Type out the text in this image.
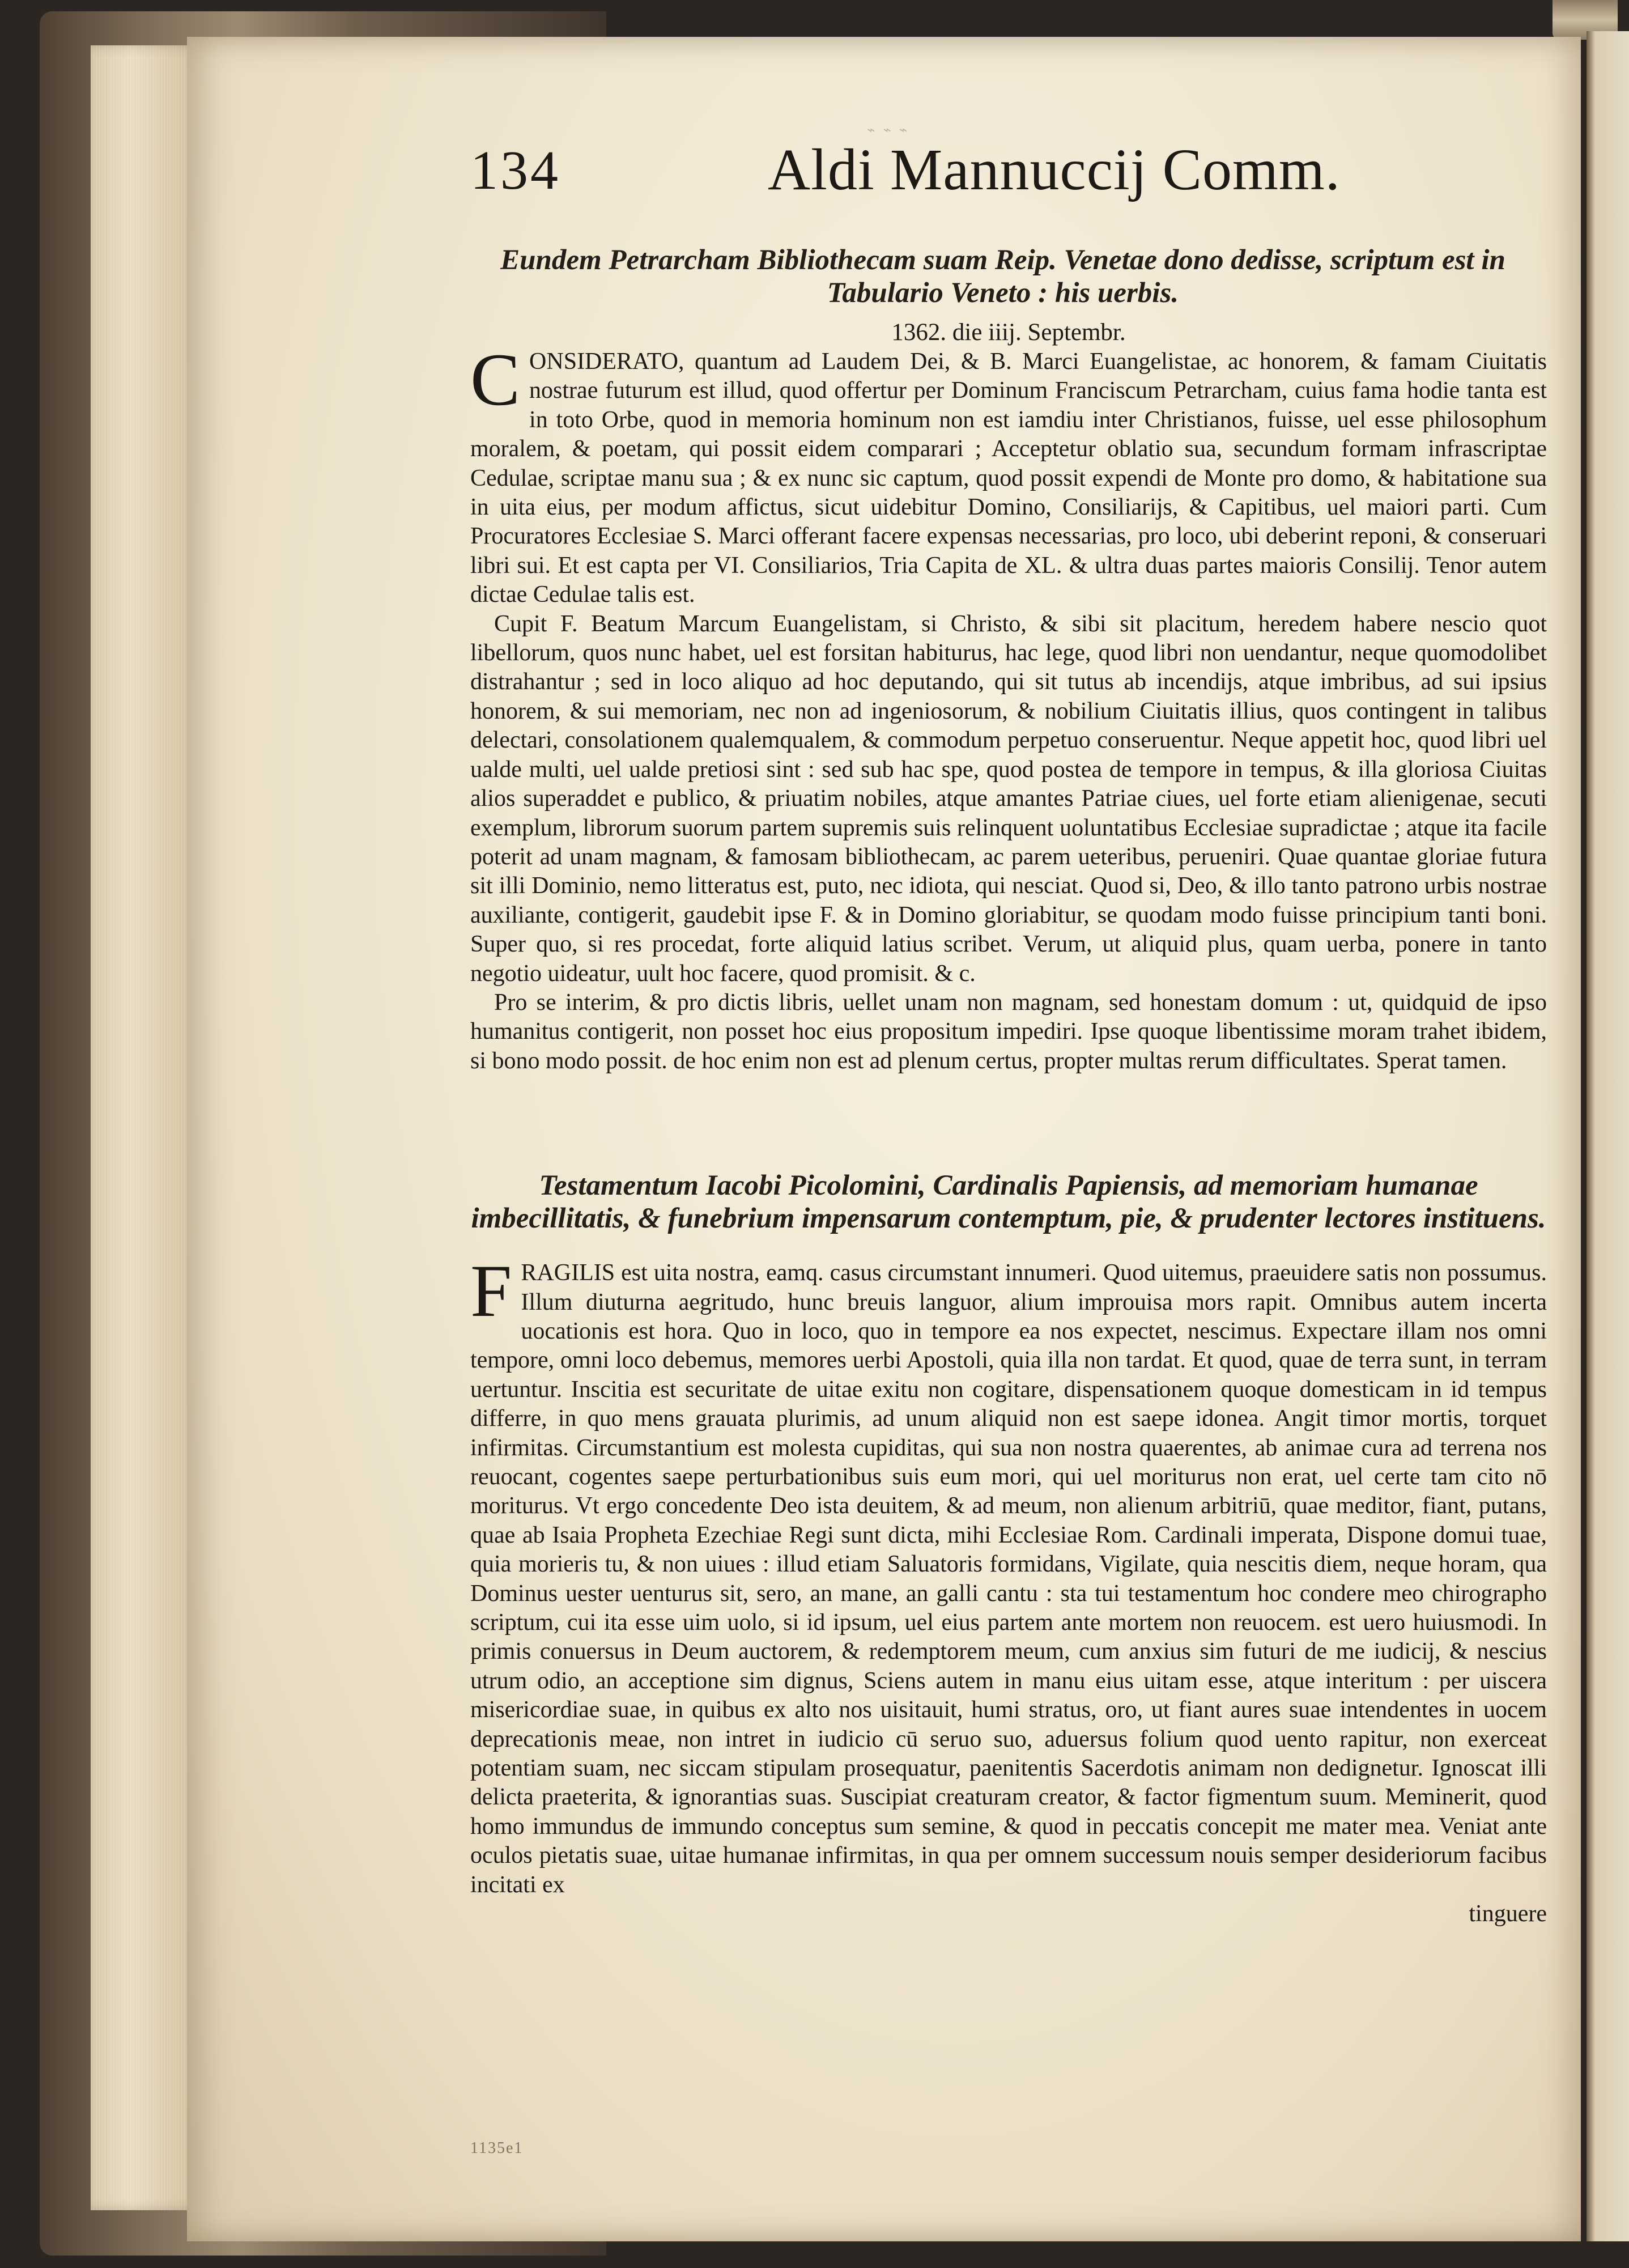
⌁ ⌁ ⌁
134	Aldi Mannuccij Comm.
Eundem Petrarcham Bibliothecam suam Reip. Venetae dono dedisse, scriptum est in Tabulario Veneto : his uerbis.
1362. die iiij. Septembr.

C ONSIDERATO, quantum ad Laudem Dei, & B. Marci Euangelistae, ac honorem, & famam Ciuitatis nostrae futurum est illud, quod offertur per Dominum Franciscum Petrarcham, cuius fama hodie tanta est in toto Orbe, quod in memoria hominum non est iamdiu inter Christianos, fuisse, uel esse philosophum moralem, & poetam, qui possit eidem comparari ; Acceptetur oblatio sua, secundum formam infrascriptae Cedulae, scriptae manu sua ; & ex nunc sic captum, quod possit expendi de Monte pro domo, & habitatione sua in uita eius, per modum affictus, sicut uidebitur Domino, Consiliarijs, & Capitibus, uel maiori parti. Cum Procuratores Ecclesiae S. Marci offerant facere expensas necessarias, pro loco, ubi deberint reponi, & conseruari libri sui. Et est capta per VI. Consiliarios, Tria Capita de XL. & ultra duas partes maioris Consilij. Tenor autem dictae Cedulae talis est.

Cupit F. Beatum Marcum Euangelistam, si Christo, & sibi sit placitum, heredem habere nescio quot libellorum, quos nunc habet, uel est forsitan habiturus, hac lege, quod libri non uendantur, neque quomodolibet distrahantur ; sed in loco aliquo ad hoc deputando, qui sit tutus ab incendijs, atque imbribus, ad sui ipsius honorem, & sui memoriam, nec non ad ingeniosorum, & nobilium Ciuitatis illius, quos contingent in talibus delectari, consolationem qualemqualem, & commodum perpetuo conseruentur. Neque appetit hoc, quod libri uel ualde multi, uel ualde pretiosi sint : sed sub hac spe, quod postea de tempore in tempus, & illa gloriosa Ciuitas alios superaddet e publico, & priuatim nobiles, atque amantes Patriae ciues, uel forte etiam alienigenae, secuti exemplum, librorum suorum partem supremis suis relinquent uoluntatibus Ecclesiae supradictae ; atque ita facile poterit ad unam magnam, & famosam bibliothecam, ac parem ueteribus, perueniri. Quae quantae gloriae futura sit illi Dominio, nemo litteratus est, puto, nec idiota, qui nesciat. Quod si, Deo, & illo tanto patrono urbis nostrae auxiliante, contigerit, gaudebit ipse F. & in Domino gloriabitur, se quodam modo fuisse principium tanti boni. Super quo, si res procedat, forte aliquid latius scribet. Verum, ut aliquid plus, quam uerba, ponere in tanto negotio uideatur, uult hoc facere, quod promisit. & c.

Pro se interim, & pro dictis libris, uellet unam non magnam, sed honestam domum : ut, quidquid de ipso humanitus contigerit, non posset hoc eius propositum impediri. Ipse quoque libentissime moram trahet ibidem, si bono modo possit. de hoc enim non est ad plenum certus, propter multas rerum difficultates. Sperat tamen.

Testamentum Iacobi Picolomini, Cardinalis Papiensis, ad memoriam humanae imbecillitatis, & funebrium impensarum contemptum, pie, & prudenter lectores instituens.

F RAGILIS est uita nostra, eamq. casus circumstant innumeri. Quod uitemus, praeuidere satis non possumus. Illum diuturna aegritudo, hunc breuis languor, alium improuisa mors rapit. Omnibus autem incerta uocationis est hora. Quo in loco, quo in tempore ea nos expectet, nescimus. Expectare illam nos omni tempore, omni loco debemus, memores uerbi Apostoli, quia illa non tardat. Et quod, quae de terra sunt, in terram uertuntur. Inscitia est securitate de uitae exitu non cogitare, dispensationem quoque domesticam in id tempus differre, in quo mens grauata plurimis, ad unum aliquid non est saepe idonea. Angit timor mortis, torquet infirmitas. Circumstantium est molesta cupiditas, qui sua non nostra quaerentes, ab animae cura ad terrena nos reuocant, cogentes saepe perturbationibus suis eum mori, qui uel moriturus non erat, uel certe tam cito nō moriturus. Vt ergo concedente Deo ista deuitem, & ad meum, non alienum arbitriū, quae meditor, fiant, putans, quae ab Isaia Propheta Ezechiae Regi sunt dicta, mihi Ecclesiae Rom. Cardinali imperata, Dispone domui tuae, quia morieris tu, & non uiues : illud etiam Saluatoris formidans, Vigilate, quia nescitis diem, neque horam, qua Dominus uester uenturus sit, sero, an mane, an galli cantu : sta tui testamentum hoc condere meo chirographo scriptum, cui ita esse uim uolo, si id ipsum, uel eius partem ante mortem non reuocem. est uero huiusmodi. In primis conuersus in Deum auctorem, & redemptorem meum, cum anxius sim futuri de me iudicij, & nescius utrum odio, an acceptione sim dignus, Sciens autem in manu eius uitam esse, atque interitum : per uiscera misericordiae suae, in quibus ex alto nos uisitauit, humi stratus, oro, ut fiant aures suae intendentes in uocem deprecationis meae, non intret in iudicio cū seruo suo, aduersus folium quod uento rapitur, non exerceat potentiam suam, nec siccam stipulam prosequatur, paenitentis Sacerdotis animam non dedignetur. Ignoscat illi delicta praeterita, & ignorantias suas. Suscipiat creaturam creator, & factor figmentum suum. Meminerit, quod homo immundus de immundo conceptus sum semine, & quod in peccatis concepit me mater mea. Veniat ante oculos pietatis suae, uitae humanae infirmitas, in qua per omnem successum nouis semper desideriorum facibus incitati ex

tinguere
1135e1
